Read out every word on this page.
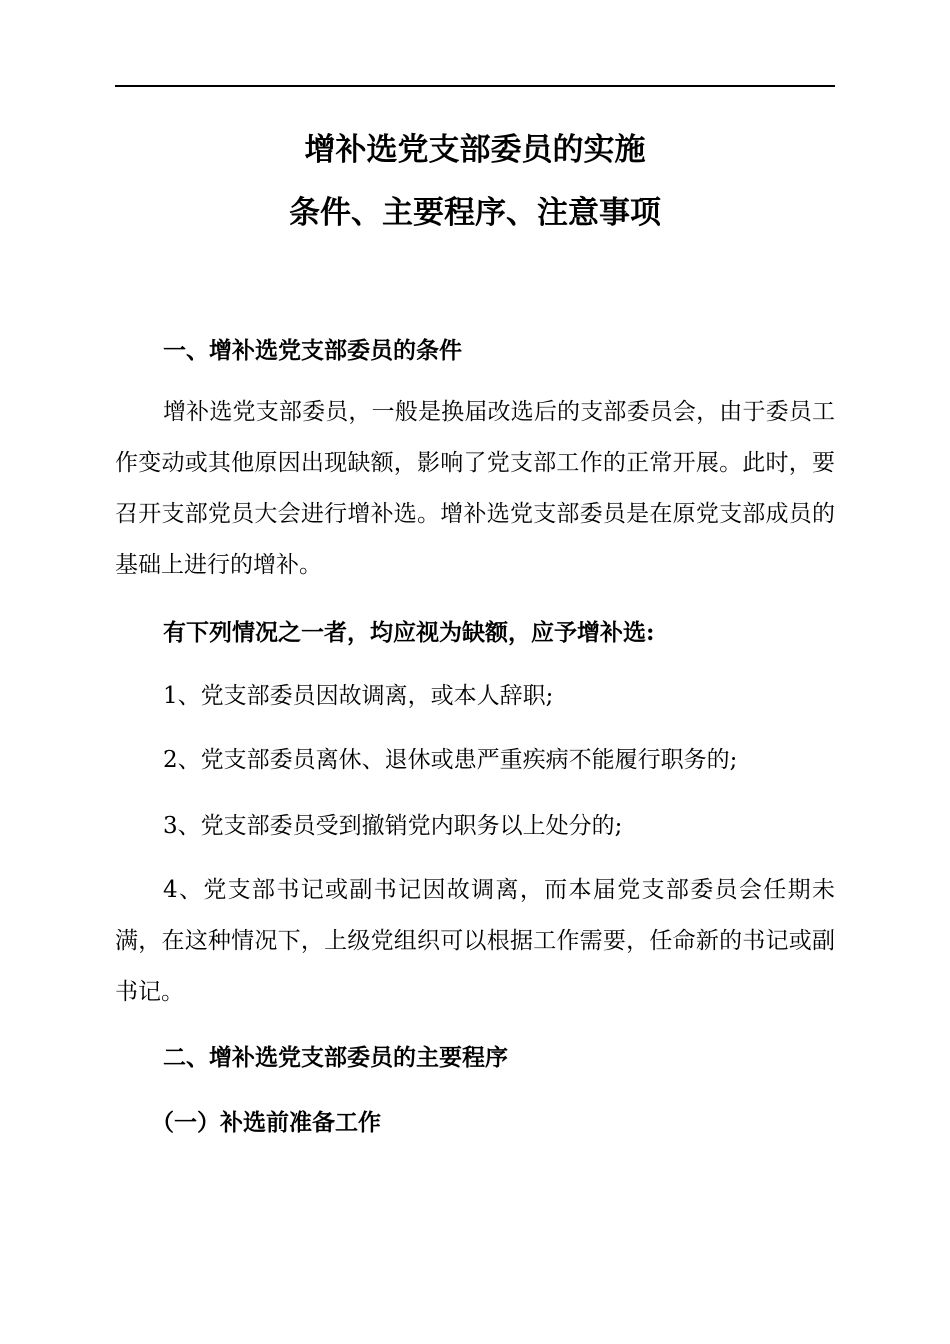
增补选党支部委员的实施
条件、主要程序、注意事项
一、增补选党支部委员的条件
增补选党支部委员，一般是换届改选后的支部委员会，由于委员工作变动或其他原因出现缺额，影响了党支部工作的正常开展。此时，要召开支部党员大会进行增补选。增补选党支部委员是在原党支部成员的基础上进行的增补。
有下列情况之一者，均应视为缺额，应予增补选:
1、党支部委员因故调离，或本人辞职;
2、党支部委员离休、退休或患严重疾病不能履行职务的;
3、党支部委员受到撤销党内职务以上处分的;
4、党支部书记或副书记因故调离，而本届党支部委员会任期未满，在这种情况下，上级党组织可以根据工作需要，任命新的书记或副书记。
二、增补选党支部委员的主要程序
（一）补选前准备工作
